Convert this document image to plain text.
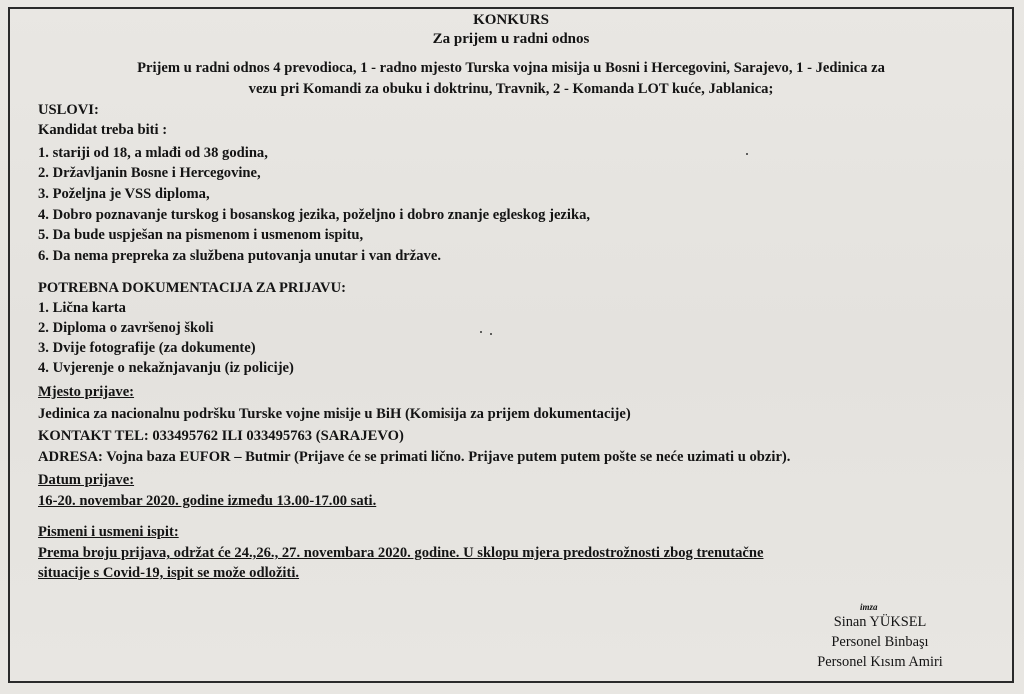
KONKURS
Za prijem u radni odnos
Prijem u radni odnos 4 prevodioca, 1 - radno mjesto Turska vojna misija u Bosni i Hercegovini, Sarajevo, 1 - Jedinica za
vezu pri Komandi za obuku i doktrinu, Travnik, 2 - Komanda LOT kuće, Jablanica;
USLOVI:
Kandidat treba biti :
1. stariji od 18, a mlađi od 38 godina,
2. Državljanin Bosne i Hercegovine,
3. Poželjna je VSS diploma,
4. Dobro poznavanje turskog i bosanskog jezika, poželjno i dobro znanje egleskog jezika,
5. Da bude uspješan na pismenom i usmenom ispitu,
6. Da nema prepreka za službena putovanja unutar i van države.
POTREBNA DOKUMENTACIJA ZA PRIJAVU:
1. Lična karta
2. Diploma o završenoj školi
3. Dvije fotografije (za dokumente)
4. Uvjerenje o nekažnjavanju (iz policije)
Mjesto prijave:
Jedinica za nacionalnu podršku Turske vojne misije u BiH (Komisija za prijem dokumentacije)
KONTAKT TEL: 033495762 ILI 033495763 (SARAJEVO)
ADRESA: Vojna baza EUFOR – Butmir (Prijave će se primati lično. Prijave putem putem pošte se neće uzimati u obzir).
Datum prijave:
16-20. novembar 2020. godine između 13.00-17.00 sati.
Pismeni i usmeni ispit:
Prema broju prijava, održat će 24.,26., 27. novembara 2020. godine. U sklopu mjera predostrožnosti zbog trenutačne
situacije s Covid-19, ispit se može odložiti.
imza
Sinan YÜKSEL
Personel Binbaşı
Personel Kısım Amiri
